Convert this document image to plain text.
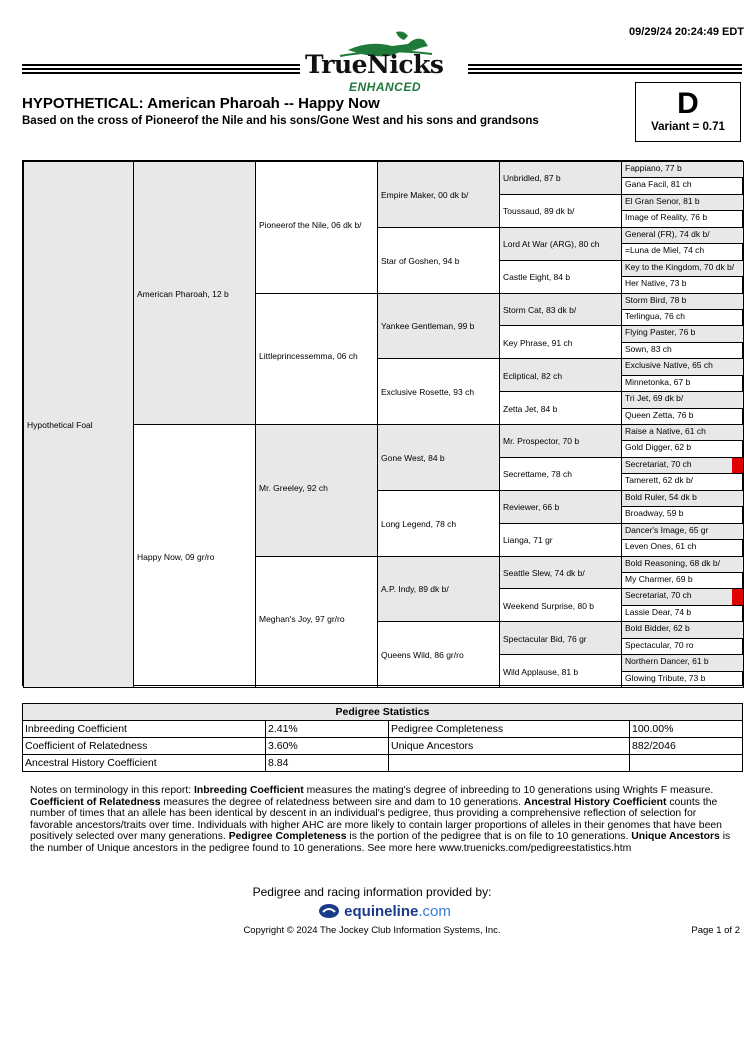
09/29/24 20:24:49 EDT
TrueNicks
ENHANCED
HYPOTHETICAL: American Pharoah -- Happy Now
Based on the cross of Pioneerof the Nile and his sons/Gone West and his sons and grandsons
D
Variant = 0.71
Hypothetical Foal
American Pharoah, 12 b
Happy Now, 09 gr/ro
Pioneerof the Nile, 06 dk b/
Littleprincessemma, 06 ch
Mr. Greeley, 92 ch
Meghan's Joy, 97 gr/ro
Empire Maker, 00 dk b/
Star of Goshen, 94 b
Yankee Gentleman, 99 b
Exclusive Rosette, 93 ch
Gone West, 84 b
Long Legend, 78 ch
A.P. Indy, 89 dk b/
Queens Wild, 86 gr/ro
Unbridled, 87 b
Toussaud, 89 dk b/
Lord At War (ARG), 80 ch
Castle Eight, 84 b
Storm Cat, 83 dk b/
Key Phrase, 91 ch
Ecliptical, 82 ch
Zetta Jet, 84 b
Mr. Prospector, 70 b
Secrettame, 78 ch
Reviewer, 66 b
Lianga, 71 gr
Seattle Slew, 74 dk b/
Weekend Surprise, 80 b
Spectacular Bid, 76 gr
Wild Applause, 81 b
Fappiano, 77 b
Gana Facil, 81 ch
El Gran Senor, 81 b
Image of Reality, 76 b
General (FR), 74 dk b/
=Luna de Miel, 74 ch
Key to the Kingdom, 70 dk b/
Her Native, 73 b
Storm Bird, 78 b
Terlingua, 76 ch
Flying Paster, 76 b
Sown, 83 ch
Exclusive Native, 65 ch
Minnetonka, 67 b
Tri Jet, 69 dk b/
Queen Zetta, 76 b
Raise a Native, 61 ch
Gold Digger, 62 b
Secretariat, 70 ch
Tamerett, 62 dk b/
Bold Ruler, 54 dk b
Broadway, 59 b
Dancer's Image, 65 gr
Leven Ones, 61 ch
Bold Reasoning, 68 dk b/
My Charmer, 69 b
Secretariat, 70 ch
Lassie Dear, 74 b
Bold Bidder, 62 b
Spectacular, 70 ro
Northern Dancer, 61 b
Glowing Tribute, 73 b
Pedigree Statistics			
Inbreeding Coefficient	2.41%	Pedigree Completeness	100.00%
Coefficient of Relatedness	3.60%	Unique Ancestors	882/2046
Ancestral History Coefficient	8.84		
Notes on terminology in this report: Inbreeding Coefficient measures the mating's degree of inbreeding to 10 generations using Wrights F measure. Coefficient of Relatedness measures the degree of relatedness between sire and dam to 10 generations. Ancestral History Coefficient counts the number of times that an allele has been identical by descent in an individual's pedigree, thus providing a comprehensive reflection of selection for favorable ancestors/traits over time. Individuals with higher AHC are more likely to contain larger proportions of alleles in their genomes that have been positively selected over many generations. Pedigree Completeness is the portion of the pedigree that is on file to 10 generations. Unique Ancestors is the number of Unique ancestors in the pedigree found to 10 generations. See more here www.truenicks.com/pedigreestatistics.htm
Pedigree and racing information provided by:
equineline.com
Copyright © 2024 The Jockey Club Information Systems, Inc.	Page 1 of 2
